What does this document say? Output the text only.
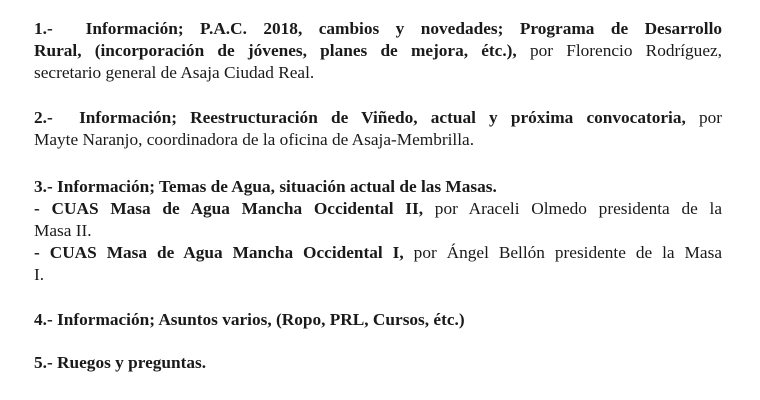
1.- Información; P.A.C. 2018, cambios y novedades; Programa de Desarrollo
Rural, (incorporación de jóvenes, planes de mejora, étc.), por Florencio Rodríguez,
secretario general de Asaja Ciudad Real.
2.- Información; Reestructuración de Viñedo, actual y próxima convocatoria, por
Mayte Naranjo, coordinadora de la oficina de Asaja-Membrilla.
3.- Información; Temas de Agua, situación actual de las Masas.
- CUAS Masa de Agua Mancha Occidental II, por Araceli Olmedo presidenta de la
Masa II.
- CUAS Masa de Agua Mancha Occidental I, por Ángel Bellón presidente de la Masa
I.
4.- Información; Asuntos varios, (Ropo, PRL, Cursos, étc.)
5.- Ruegos y preguntas.
